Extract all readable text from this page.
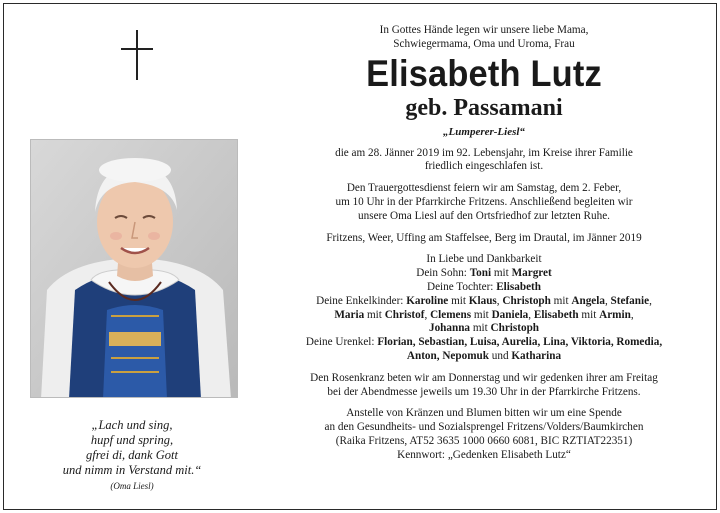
„Lach und sing,
hupf und spring,
gfrei di, dank Gott
und nimm in Verstand mit.“
(Oma Liesl)
In Gottes Hände legen wir unsere liebe Mama,
Schwiegermama, Oma und Uroma, Frau
Elisabeth Lutz
geb. Passamani
„Lumperer-Liesl“
die am 28. Jänner 2019 im 92. Lebensjahr, im Kreise ihrer Familie
friedlich eingeschlafen ist.
Den Trauergottesdienst feiern wir am Samstag, dem 2. Feber,
um 10 Uhr in der Pfarrkirche Fritzens. Anschließend begleiten wir
unsere Oma Liesl auf den Ortsfriedhof zur letzten Ruhe.
Fritzens, Weer, Uffing am Staffelsee, Berg im Drautal, im Jänner 2019
In Liebe und Dankbarkeit
Dein Sohn: Toni mit Margret
Deine Tochter: Elisabeth
Deine Enkelkinder: Karoline mit Klaus, Christoph mit Angela, Stefanie,
Maria mit Christof, Clemens mit Daniela, Elisabeth mit Armin,
Johanna mit Christoph
Deine Urenkel: Florian, Sebastian, Luisa, Aurelia, Lina, Viktoria, Romedia,
Anton, Nepomuk und Katharina
Den Rosenkranz beten wir am Donnerstag und wir gedenken ihrer am Freitag
bei der Abendmesse jeweils um 19.30 Uhr in der Pfarrkirche Fritzens.
Anstelle von Kränzen und Blumen bitten wir um eine Spende
an den Gesundheits- und Sozialsprengel Fritzens/Volders/Baumkirchen
(Raika Fritzens, AT52 3635 1000 0660 6081, BIC RZTIAT22351)
Kennwort: „Gedenken Elisabeth Lutz“
